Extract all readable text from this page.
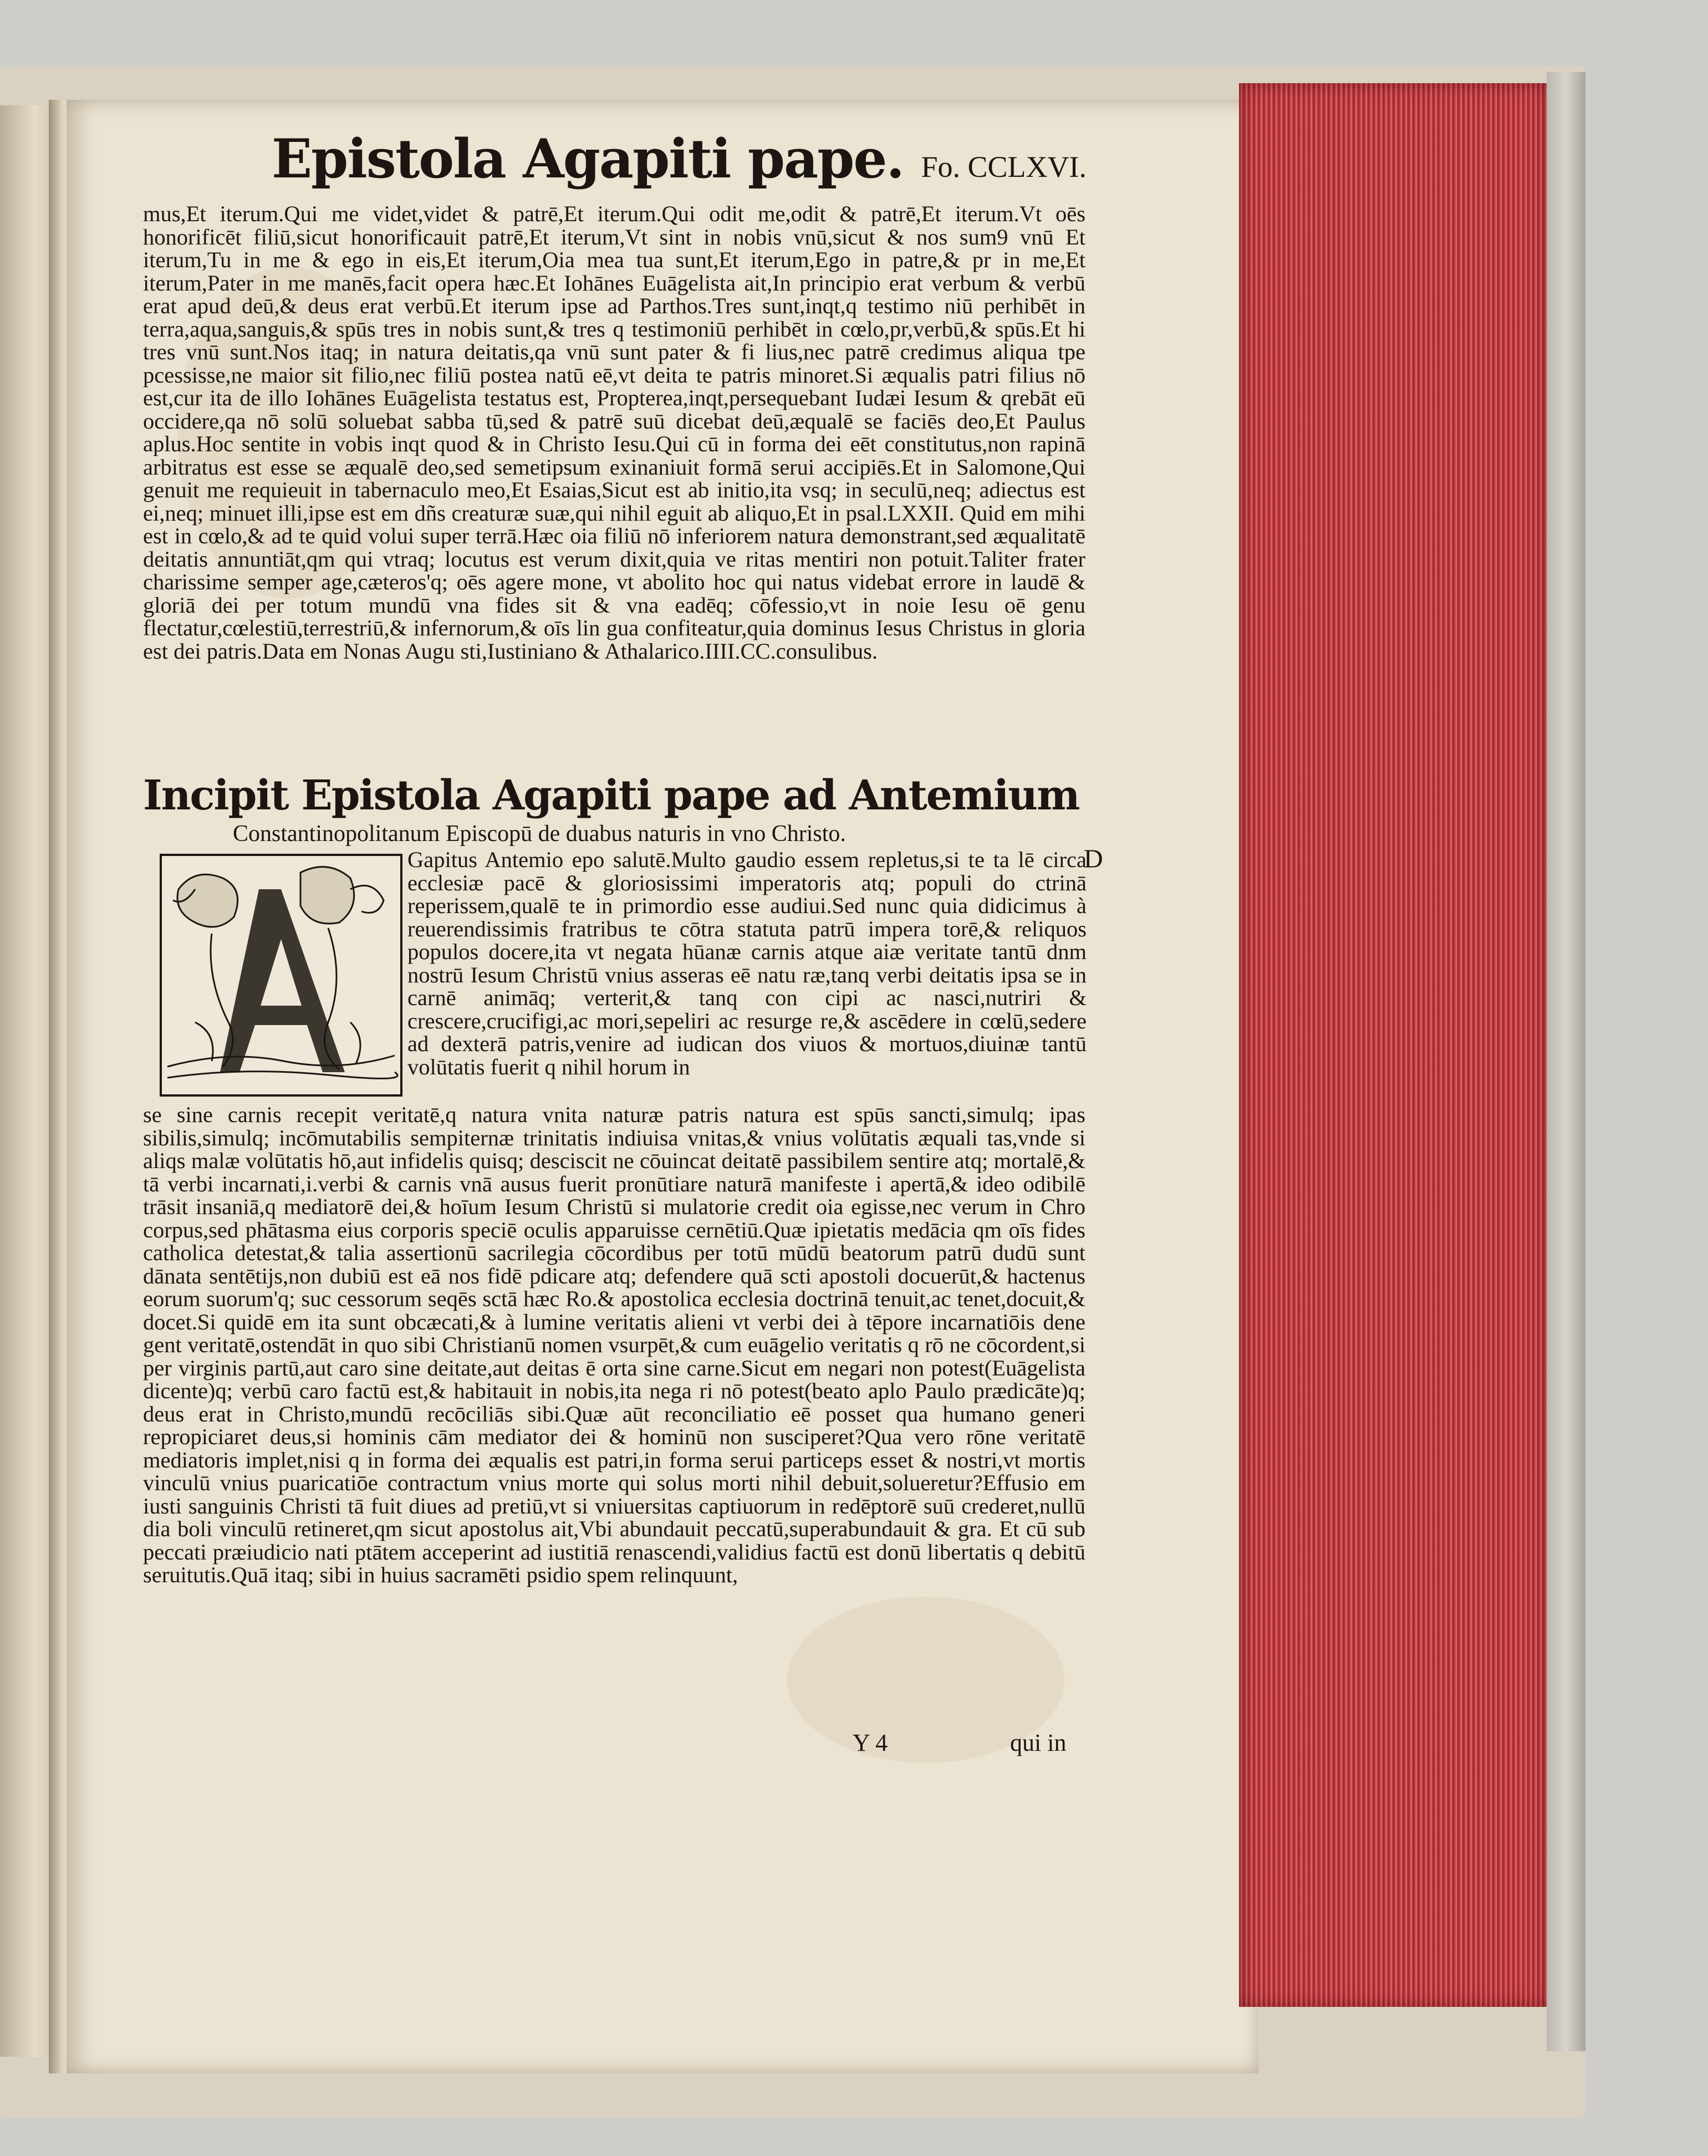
Epistola Agapiti pape. Fo. CCLXVI.

mus,Et iterum.Qui me videt,videt & patrē,Et iterum.Qui odit me,odit & patrē,Et iterum.Vt oēs honorificēt filiū,sicut honorificauit patrē,Et iterum,Vt sint in nobis vnū,sicut & nos sum9 vnū Et iterum,Tu in me & ego in eis,Et iterum,Oia mea tua sunt,Et iterum,Ego in patre,& pr in me,Et iterum,Pater in me manēs,facit opera hæc.Et Iohānes Euāgelista ait,In principio erat verbum & verbū erat apud deū,& deus erat verbū.Et iterum ipse ad Parthos.Tres sunt,inqt,q testimo niū perhibēt in terra,aqua,sanguis,& spūs tres in nobis sunt,& tres q testimoniū perhibēt in cœlo,pr,verbū,& spūs.Et hi tres vnū sunt.Nos itaq; in natura deitatis,qa vnū sunt pater & fi lius,nec patrē credimus aliqua tpe pcessisse,ne maior sit filio,nec filiū postea natū eē,vt deita te patris minoret.Si æqualis patri filius nō est,cur ita de illo Iohānes Euāgelista testatus est, Propterea,inqt,persequebant Iudæi Iesum & qrebāt eū occidere,qa nō solū soluebat sabba tū,sed & patrē suū dicebat deū,æqualē se faciēs deo,Et Paulus aplus.Hoc sentite in vobis inqt quod & in Christo Iesu.Qui cū in forma dei eēt constitutus,non rapinā arbitratus est esse se æqualē deo,sed semetipsum exinaniuit formā serui accipiēs.Et in Salomone,Qui genuit me requieuit in tabernaculo meo,Et Esaias,Sicut est ab initio,ita vsq; in seculū,neq; adiectus est ei,neq; minuet illi,ipse est em dñs creaturæ suæ,qui nihil eguit ab aliquo,Et in psal.LXXII. Quid em mihi est in cœlo,& ad te quid volui super terrā.Hæc oia filiū nō inferiorem natura demonstrant,sed æqualitatē deitatis annuntiāt,qm qui vtraq; locutus est verum dixit,quia ve ritas mentiri non potuit.Taliter frater charissime semper age,cæteros'q; oēs agere mone, vt abolito hoc qui natus videbat errore in laudē & gloriā dei per totum mundū vna fides sit & vna eadēq; cōfessio,vt in noie Iesu oē genu flectatur,cœlestiū,terrestriū,& infernorum,& oīs lin gua confiteatur,quia dominus Iesus Christus in gloria est dei patris.Data em Nonas Augu sti,Iustiniano & Athalarico.IIII.CC.consulibus.

Incipit Epistola Agapiti pape ad Antemium
Constantinopolitanum Episcopū de duabus naturis in vno Christo.
A
D

Gapitus Antemio epo salutē.Multo gaudio essem repletus,si te ta lē circa ecclesiæ pacē & gloriosissimi imperatoris atq; populi do ctrinā reperissem,qualē te in primordio esse audiui.Sed nunc quia didicimus à reuerendissimis fratribus te cōtra statuta patrū impera torē,& reliquos populos docere,ita vt negata hūanæ carnis atque aiæ veritate tantū dnm nostrū Iesum Christū vnius asseras eē natu ræ,tanq verbi deitatis ipsa se in carnē animāq; verterit,& tanq con cipi ac nasci,nutriri & crescere,crucifigi,ac mori,sepeliri ac resurge re,& ascēdere in cœlū,sedere ad dexterā patris,venire ad iudican dos viuos & mortuos,diuinæ tantū volūtatis fuerit q nihil horum in

se sine carnis recepit veritatē,q natura vnita naturæ patris natura est spūs sancti,simulq; ipas sibilis,simulq; incōmutabilis sempiternæ trinitatis indiuisa vnitas,& vnius volūtatis æquali tas,vnde si aliqs malæ volūtatis hō,aut infidelis quisq; desciscit ne cōuincat deitatē passibilem sentire atq; mortalē,& tā verbi incarnati,i.verbi & carnis vnā ausus fuerit pronūtiare naturā manifeste i apertā,& ideo odibilē trāsit insaniā,q mediatorē dei,& hoīum Iesum Christū si mulatorie credit oia egisse,nec verum in Chro corpus,sed phātasma eius corporis speciē oculis apparuisse cernētiū.Quæ ipietatis medācia qm oīs fides catholica detestat,& talia assertionū sacrilegia cōcordibus per totū mūdū beatorum patrū dudū sunt dānata sentētijs,non dubiū est eā nos fidē pdicare atq; defendere quā scti apostoli docuerūt,& hactenus eorum suorum'q; suc cessorum seqēs sctā hæc Ro.& apostolica ecclesia doctrinā tenuit,ac tenet,docuit,& docet.Si quidē em ita sunt obcæcati,& à lumine veritatis alieni vt verbi dei à tēpore incarnatiōis dene gent veritatē,ostendāt in quo sibi Christianū nomen vsurpēt,& cum euāgelio veritatis q rō ne cōcordent,si per virginis partū,aut caro sine deitate,aut deitas ē orta sine carne.Sicut em negari non potest(Euāgelista dicente)q; verbū caro factū est,& habitauit in nobis,ita nega ri nō potest(beato aplo Paulo prædicāte)q; deus erat in Christo,mundū recōciliās sibi.Quæ aūt reconciliatio eē posset qua humano generi repropiciaret deus,si hominis cām mediator dei & hominū non susciperet?Qua vero rōne veritatē mediatoris implet,nisi q in forma dei æqualis est patri,in forma serui particeps esset & nostri,vt mortis vinculū vnius puaricatiōe contractum vnius morte qui solus morti nihil debuit,solueretur?Effusio em iusti sanguinis Christi tā fuit diues ad pretiū,vt si vniuersitas captiuorum in redēptorē suū crederet,nullū dia boli vinculū retineret,qm sicut apostolus ait,Vbi abundauit peccatū,superabundauit & gra. Et cū sub peccati præiudicio nati ptātem acceperint ad iustitiā renascendi,validius factū est donū libertatis q debitū seruitutis.Quā itaq; sibi in huius sacramēti psidio spem relinquunt,

Y 4	qui in
